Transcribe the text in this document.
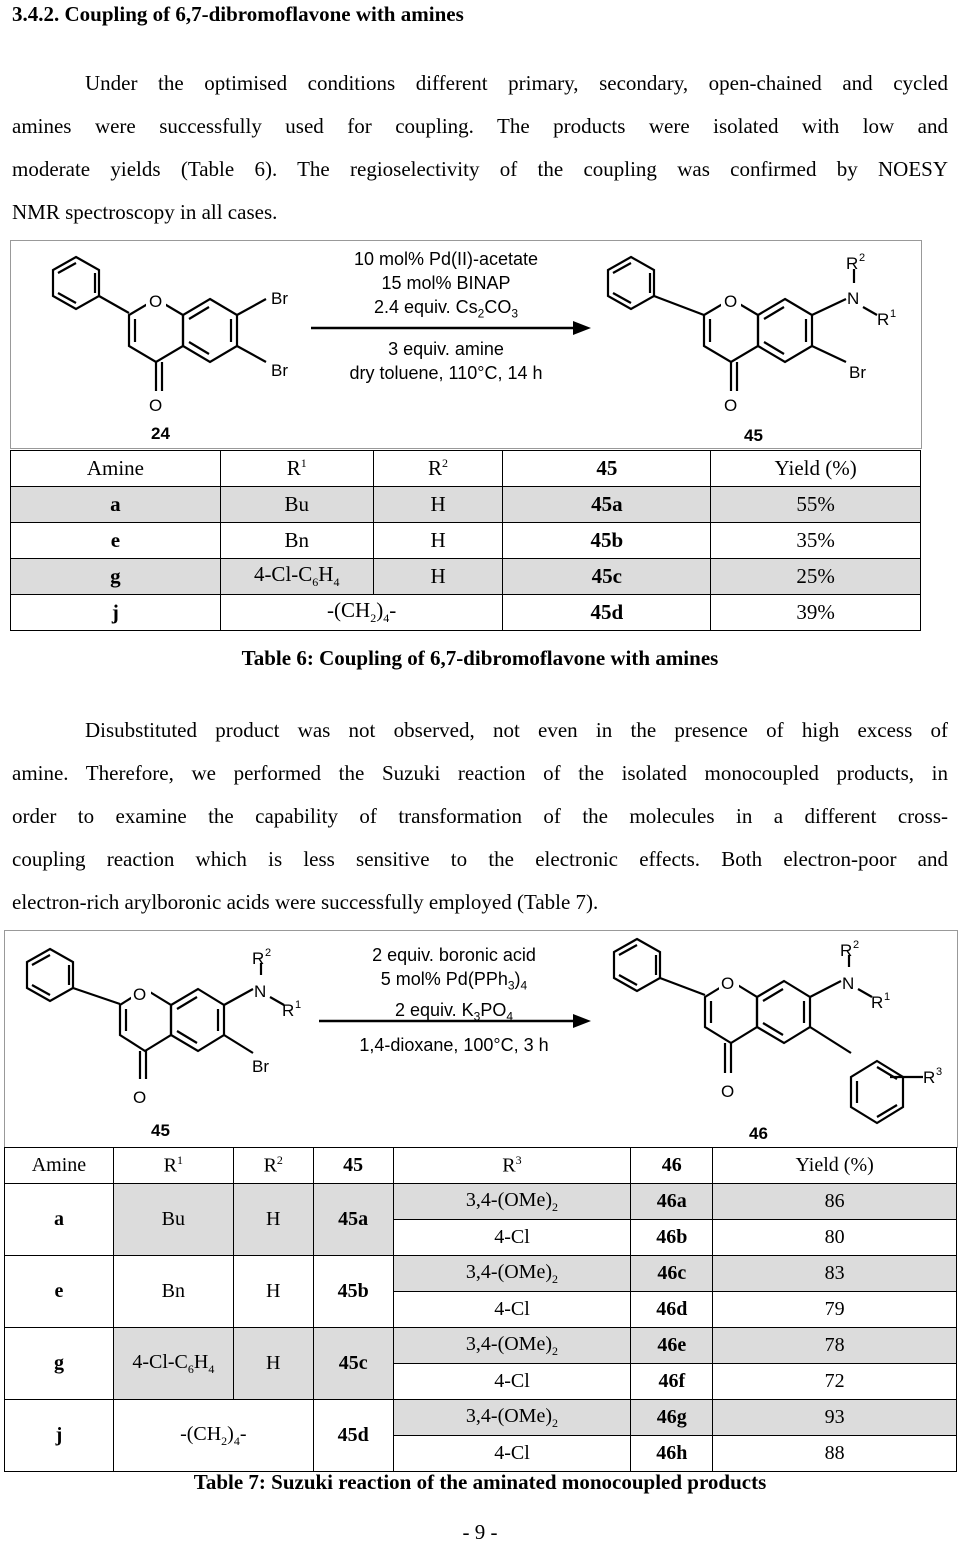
3.4.2. Coupling of 6,7-dibromoflavone with amines
Under the optimised conditions different primary, secondary, open-chained and cycled
amines were successfully used for coupling. The products were isolated with low and
moderate yields (Table 6). The regioselectivity of the coupling was confirmed by NOESY
NMR spectroscopy in all cases.
O
O
Br
Br
24
O
O
N
R 2
R 1
Br
45
10 mol% Pd(II)-acetate
15 mol% BINAP
2.4 equiv. $Cs_2CO_3$
3 equiv. amine
dry toluene, 110°C, 14 h
Amine	$R^1$	$R^2$	45	Yield (%)
a	Bu	H	45a	55%
e	Bn	H	45b	35%
g	$4-Cl-C_6H_4$	H	45c	25%
j	$-(CH_2)_4-$		45d	39%
Table 6: Coupling of 6,7-dibromoflavone with amines
Disubstituted product was not observed, not even in the presence of high excess of
amine. Therefore, we performed the Suzuki reaction of the isolated monocoupled products, in
order to examine the capability of transformation of the molecules in a different cross-
coupling reaction which is less sensitive to the electronic effects. Both electron-poor and
electron-rich arylboronic acids were successfully employed (Table 7).
O
O
N
R 2
R 1
Br
45
O
O
N
R 2
R 1
R 3
46
2 equiv. boronic acid
5 mol% $Pd(PPh_3)_4$
2 equiv. $K_3PO_4$
1,4-dioxane, 100°C, 3 h
Amine	$R^1$	$R^2$	45	$R^3$	46	Yield (%)
a	Bu	H	45a	$3,4-(OMe)_2$	46a	86
				4-Cl	46b	80
e	Bn	H	45b	$3,4-(OMe)_2$	46c	83
				4-Cl	46d	79
g	$4-Cl-C_6H_4$	H	45c	$3,4-(OMe)_2$	46e	78
				4-Cl	46f	72
j	$-(CH_2)_4-$		45d	$3,4-(OMe)_2$	46g	93
				4-Cl	46h	88
Table 7: Suzuki reaction of the aminated monocoupled products
- 9 -
